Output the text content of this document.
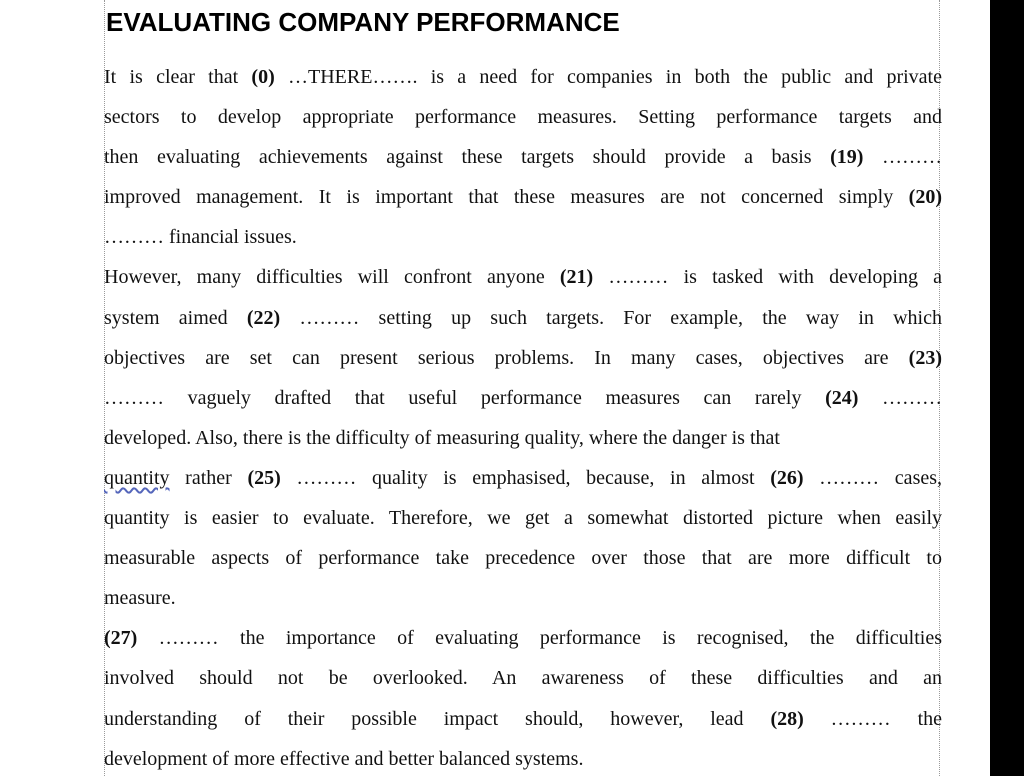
EVALUATING COMPANY PERFORMANCE
It is clear that (0) …THERE……. is a need for companies in both the public and private
sectors to develop appropriate performance measures. Setting performance targets and
then evaluating achievements against these targets should provide a basis (19) ………
improved management. It is important that these measures are not concerned simply (20)
……… financial issues.
However, many difficulties will confront anyone (21) ……… is tasked with developing a
system aimed (22) ……… setting up such targets. For example, the way in which
objectives are set can present serious problems. In many cases, objectives are (23)
……… vaguely drafted that useful performance measures can rarely (24) ………
developed. Also, there is the difficulty of measuring quality, where the danger is that
quantity rather (25) ……… quality is emphasised, because, in almost (26) ……… cases,
quantity is easier to evaluate. Therefore, we get a somewhat distorted picture when easily
measurable aspects of performance take precedence over those that are more difficult to
measure.
(27) ……… the importance of evaluating performance is recognised, the difficulties
involved should not be overlooked. An awareness of these difficulties and an
understanding of their possible impact should, however, lead (28) ……… the
development of more effective and better balanced systems.
